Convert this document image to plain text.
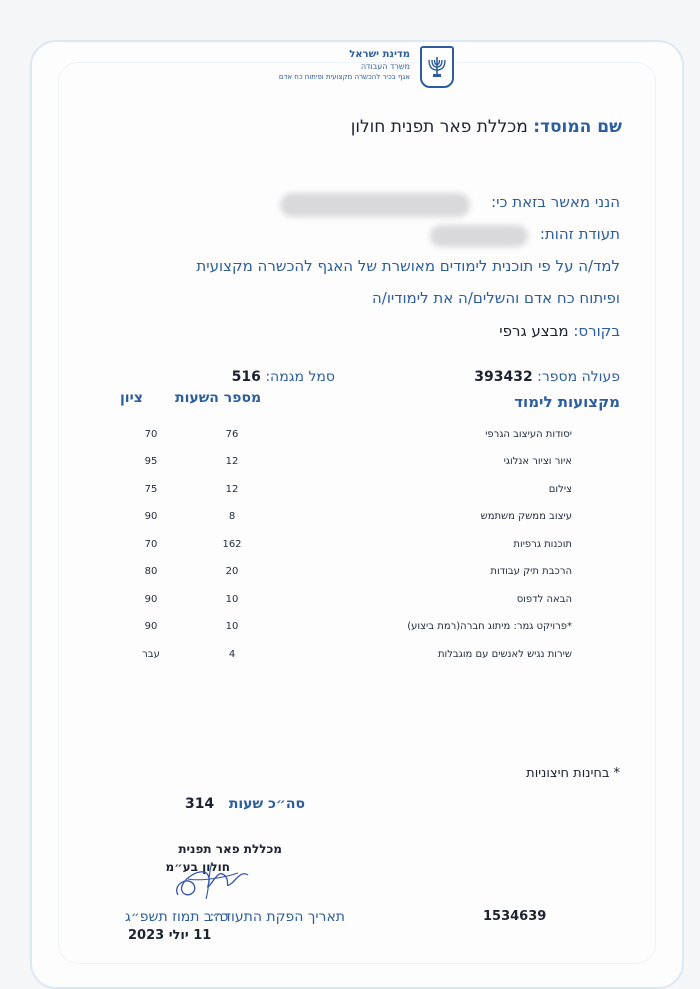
מדינת ישראל
משרד העבודה
אגף בכיר להכשרה מקצועית ופיתוח כח אדם
שם המוסד: מכללת פאר תפנית חולון
הנני מאשר בזאת כי:
תעודת זהות:
למד/ה על פי תוכנית לימודים מאושרת של האגף להכשרה מקצועית
ופיתוח כח אדם והשלים/ה את לימודיו/ה
בקורס: מבצע גרפי
פעולה מספר: 393432
סמל מגמה: 516
מקצועות לימוד
מספר השעות
ציון
יסודות העיצוב הגרפי
76
70
איור וציור אנלוגי
12
95
צילום
12
75
עיצוב ממשק משתמש
8
90
תוכנות גרפיות
162
70
הרכבת תיק עבודות
20
80
הבאה לדפוס
10
90
*פרויקט גמר: מיתוג חברה(רמת ביצוע)
10
90
שירות נגיש לאנשים עם מוגבלות
4
עבר
* בחינות חיצוניות
סה״כ שעות   314
מכללת פאר תפנית
חולון בע״מ
תאריך הפקת התעודה:
כ״ב תמוז תשפ״ג
11 יולי 2023
1534639
